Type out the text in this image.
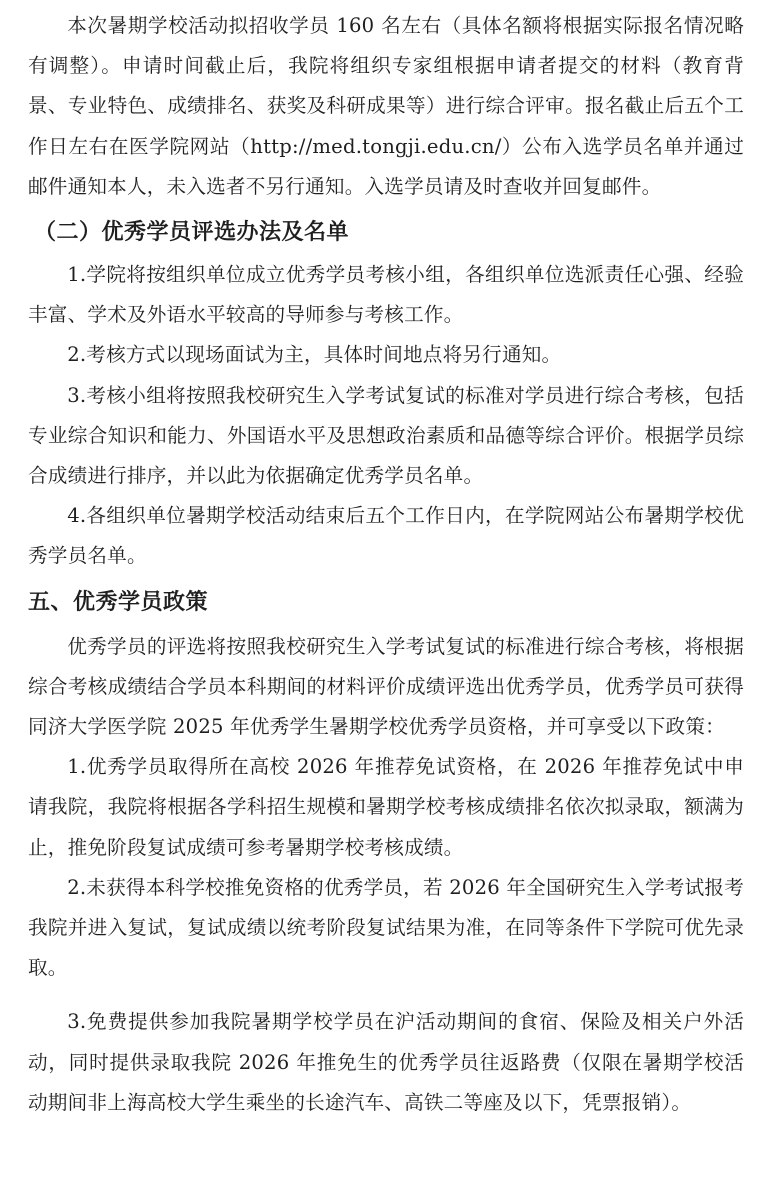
本次暑期学校活动拟招收学员 160 名左右（具体名额将根据实际报名情况略有调整）。申请时间截止后，我院将组织专家组根据申请者提交的材料（教育背景、专业特色、成绩排名、获奖及科研成果等）进行综合评审。报名截止后五个工作日左右在医学院网站（http://med.tongji.edu.cn/）公布入选学员名单并通过邮件通知本人，未入选者不另行通知。入选学员请及时查收并回复邮件。

（二）优秀学员评选办法及名单

1.学院将按组织单位成立优秀学员考核小组，各组织单位选派责任心强、经验丰富、学术及外语水平较高的导师参与考核工作。

2.考核方式以现场面试为主，具体时间地点将另行通知。

3.考核小组将按照我校研究生入学考试复试的标准对学员进行综合考核，包括专业综合知识和能力、外国语水平及思想政治素质和品德等综合评价。根据学员综合成绩进行排序，并以此为依据确定优秀学员名单。

4.各组织单位暑期学校活动结束后五个工作日内，在学院网站公布暑期学校优秀学员名单。

五、优秀学员政策

优秀学员的评选将按照我校研究生入学考试复试的标准进行综合考核，将根据综合考核成绩结合学员本科期间的材料评价成绩评选出优秀学员，优秀学员可获得同济大学医学院 2025 年优秀学生暑期学校优秀学员资格，并可享受以下政策：

1.优秀学员取得所在高校 2026 年推荐免试资格，在 2026 年推荐免试中申请我院，我院将根据各学科招生规模和暑期学校考核成绩排名依次拟录取，额满为止，推免阶段复试成绩可参考暑期学校考核成绩。

2.未获得本科学校推免资格的优秀学员，若 2026 年全国研究生入学考试报考我院并进入复试，复试成绩以统考阶段复试结果为准，在同等条件下学院可优先录取。

3.免费提供参加我院暑期学校学员在沪活动期间的食宿、保险及相关户外活动，同时提供录取我院 2026 年推免生的优秀学员往返路费（仅限在暑期学校活动期间非上海高校大学生乘坐的长途汽车、高铁二等座及以下，凭票报销）。
